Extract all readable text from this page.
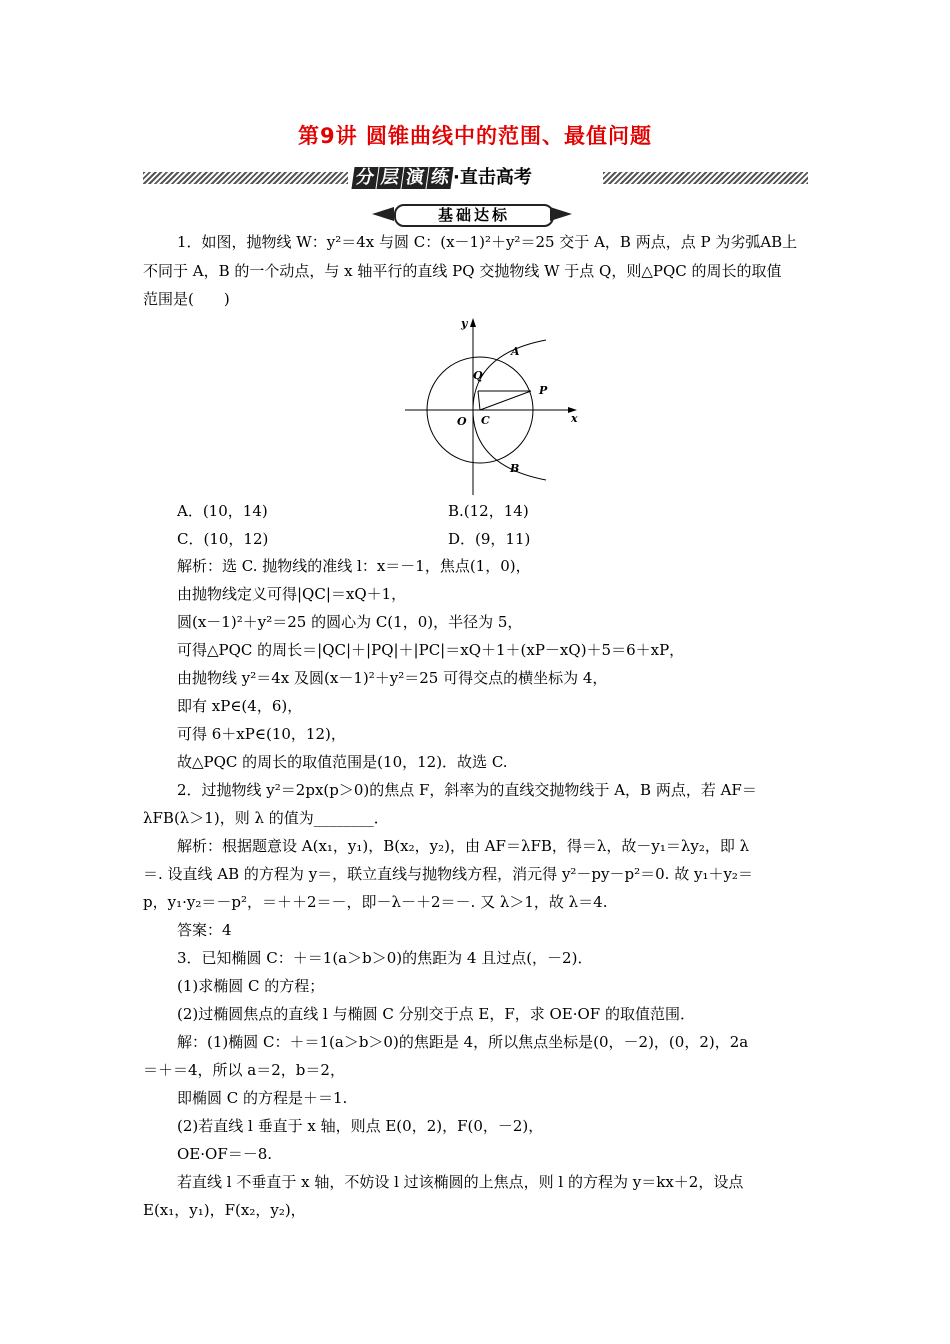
第9讲 圆锥曲线中的范围、最值问题
分 层 演 练 ·直击高考
基础达标
1．如图，抛物线 W：y²＝4x 与圆 C：(x－1)²＋y²＝25 交于 A，B 两点，点 P 为劣弧AB上
不同于 A，B 的一个动点，与 x 轴平行的直线 PQ 交抛物线 W 于点 Q，则△PQC 的周长的取值
范围是(　　)
y
x
A
P
Q
O C
B
A．(10，14)	B.(12，14)
C．(10，12)	D．(9，11)
解析：选 C. 抛物线的准线 l：x＝－1，焦点(1，0)，
由抛物线定义可得|QC|＝xQ＋1，
圆(x－1)²＋y²＝25 的圆心为 C(1，0)，半径为 5，
可得△PQC 的周长＝|QC|＋|PQ|＋|PC|＝xQ＋1＋(xP－xQ)＋5＝6＋xP，
由抛物线 y²＝4x 及圆(x－1)²＋y²＝25 可得交点的横坐标为 4，
即有 xP∈(4，6)，
可得 6＋xP∈(10，12)，
故△PQC 的周长的取值范围是(10，12)．故选 C.
2．过抛物线 y²＝2px(p＞0)的焦点 F，斜率为的直线交抛物线于 A，B 两点，若 AF＝
λFB(λ＞1)，则 λ 的值为________．
解析：根据题意设 A(x₁，y₁)，B(x₂，y₂)，由 AF＝λFB，得＝λ，故－y₁＝λy₂，即 λ
＝. 设直线 AB 的方程为 y＝，联立直线与抛物线方程，消元得 y²－py－p²＝0. 故 y₁＋y₂＝
p，y₁·y₂＝－p²，＝＋＋2＝－，即－λ－＋2＝－. 又 λ＞1，故 λ＝4.
答案：4
3．已知椭圆 C：＋＝1(a＞b＞0)的焦距为 4 且过点(，－2)．
(1)求椭圆 C 的方程；
(2)过椭圆焦点的直线 l 与椭圆 C 分别交于点 E，F，求 OE·OF 的取值范围．
解：(1)椭圆 C：＋＝1(a＞b＞0)的焦距是 4，所以焦点坐标是(0，－2)，(0，2)，2a
＝＋＝4，所以 a＝2，b＝2，
即椭圆 C 的方程是＋＝1.
(2)若直线 l 垂直于 x 轴，则点 E(0，2)，F(0，－2)，
OE·OF＝－8.
若直线 l 不垂直于 x 轴，不妨设 l 过该椭圆的上焦点，则 l 的方程为 y＝kx＋2，设点
E(x₁，y₁)，F(x₂，y₂)，
